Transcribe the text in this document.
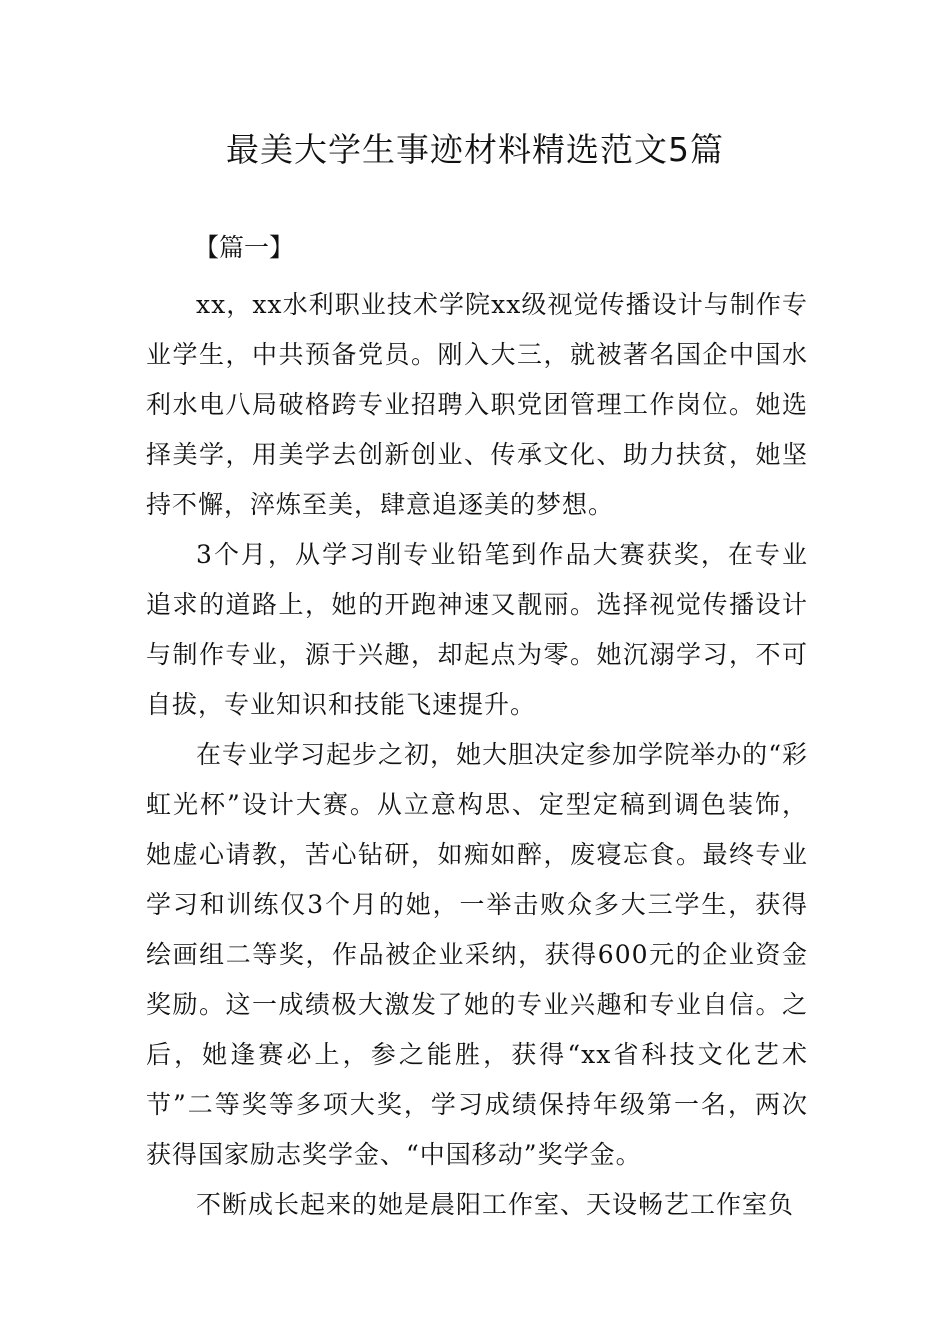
最美大学生事迹材料精选范文5篇
【篇一】

xx，xx水利职业技术学院xx级视觉传播设计与制作专业学生，中共预备党员。刚入大三，就被著名国企中国水利水电八局破格跨专业招聘入职党团管理工作岗位。她选择美学，用美学去创新创业、传承文化、助力扶贫，她坚持不懈，淬炼至美，肆意追逐美的梦想。

3个月，从学习削专业铅笔到作品大赛获奖，在专业追求的道路上，她的开跑神速又靓丽。选择视觉传播设计与制作专业，源于兴趣，却起点为零。她沉溺学习，不可自拔，专业知识和技能飞速提升。

在专业学习起步之初，她大胆决定参加学院举办的“彩虹光杯”设计大赛。从立意构思、定型定稿到调色装饰，她虚心请教，苦心钻研，如痴如醉，废寝忘食。最终专业学习和训练仅3个月的她，一举击败众多大三学生，获得绘画组二等奖，作品被企业采纳，获得600元的企业资金奖励。这一成绩极大激发了她的专业兴趣和专业自信。之后，她逢赛必上，参之能胜，获得“xx省科技文化艺术节”二等奖等多项大奖，学习成绩保持年级第一名，两次获得国家励志奖学金、“中国移动”奖学金。

不断成长起来的她是晨阳工作室、天设畅艺工作室负
